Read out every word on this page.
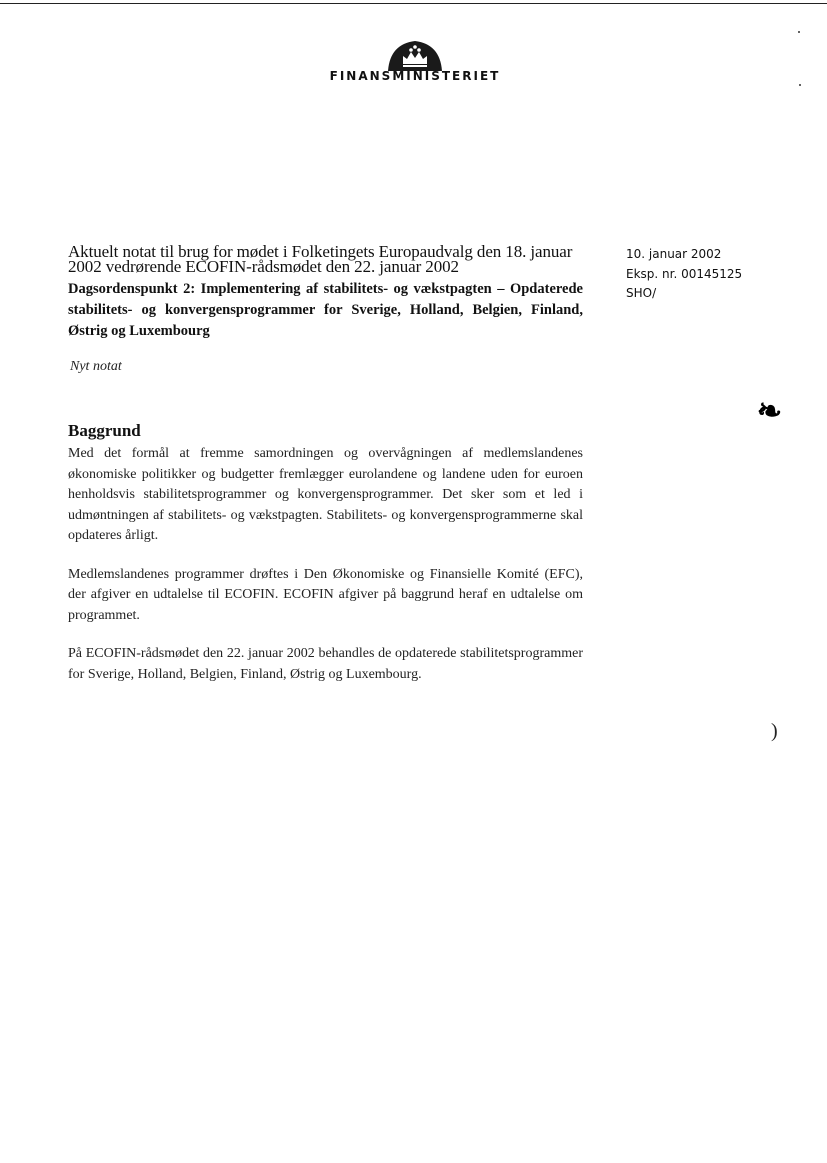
FINANSMINISTERIET
10. januar 2002
Eksp. nr. 00145125
SHO/
Aktuelt notat til brug for mødet i Folketingets Europaudvalg den 18. januar 2002 vedrørende ECOFIN-rådsmødet den 22. januar 2002

Dagsordenspunkt 2: Implementering af stabilitets- og vækstpagten – Opdaterede stabilitets- og konvergensprogrammer for Sverige, Holland, Belgien, Finland, Østrig og Luxembourg

Nyt notat

Baggrund

Med det formål at fremme samordningen og overvågningen af medlemslandenes økonomiske politikker og budgetter fremlægger eurolandene og landene uden for euroen henholdsvis stabilitetsprogrammer og konvergensprogrammer. Det sker som et led i udmøntningen af stabilitets- og vækstpagten. Stabilitets- og konvergensprogrammerne skal opdateres årligt.

Medlemslandenes programmer drøftes i Den Økonomiske og Finansielle Komité (EFC), der afgiver en udtalelse til ECOFIN. ECOFIN afgiver på baggrund heraf en udtalelse om programmet.

På ECOFIN-rådsmødet den 22. januar 2002 behandles de opdaterede stabilitetsprogrammer for Sverige, Holland, Belgien, Finland, Østrig og Luxembourg.

❧
)
